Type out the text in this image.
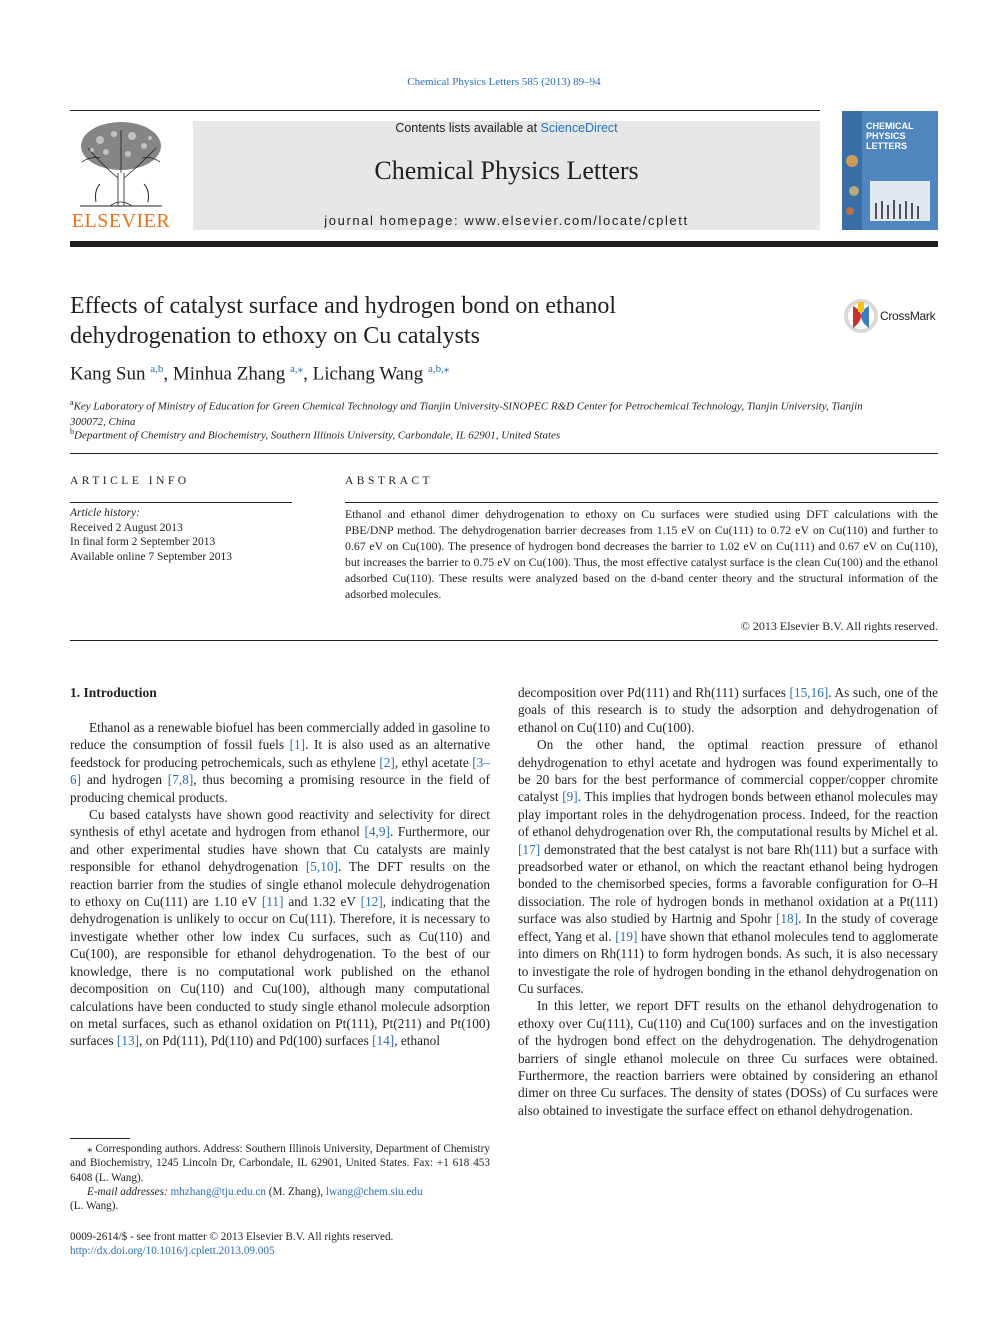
Chemical Physics Letters 585 (2013) 89–94
ELSEVIER
Contents lists available at ScienceDirect
Chemical Physics Letters
journal homepage: www.elsevier.com/locate/cplett
CHEMICAL
PHYSICS
LETTERS
Effects of catalyst surface and hydrogen bond on ethanol
dehydrogenation to ethoxy on Cu catalysts
CrossMark
Kang Sun $^{a,b}$, Minhua Zhang $^{a,⁎}$, Lichang Wang $^{a,b,⁎}$
$^a$Key Laboratory of Ministry of Education for Green Chemical Technology and Tianjin University-SINOPEC R&D Center for Petrochemical Technology, Tianjin University, Tianjin 300072, China
$^b$Department of Chemistry and Biochemistry, Southern Illinois University, Carbondale, IL 62901, United States
ARTICLE INFO
Article history:
Received 2 August 2013
In final form 2 September 2013
Available online 7 September 2013
ABSTRACT
Ethanol and ethanol dimer dehydrogenation to ethoxy on Cu surfaces were studied using DFT calculations with the PBE/DNP method. The dehydrogenation barrier decreases from 1.15 eV on Cu(111) to 0.72 eV on Cu(110) and further to 0.67 eV on Cu(100). The presence of hydrogen bond decreases the barrier to 1.02 eV on Cu(111) and 0.67 eV on Cu(110), but increases the barrier to 0.75 eV on Cu(100). Thus, the most effective catalyst surface is the clean Cu(100) and the ethanol adsorbed Cu(110). These results were analyzed based on the d-band center theory and the structural information of the adsorbed molecules.
© 2013 Elsevier B.V. All rights reserved.
1. Introduction

Ethanol as a renewable biofuel has been commercially added in gasoline to reduce the consumption of fossil fuels [1]. It is also used as an alternative feedstock for producing petrochemicals, such as ethylene [2], ethyl acetate [3–6] and hydrogen [7,8], thus becoming a promising resource in the field of producing chemical products.

Cu based catalysts have shown good reactivity and selectivity for direct synthesis of ethyl acetate and hydrogen from ethanol [4,9]. Furthermore, our and other experimental studies have shown that Cu catalysts are mainly responsible for ethanol dehydrogenation [5,10]. The DFT results on the reaction barrier from the studies of single ethanol molecule dehydrogenation to ethoxy on Cu(111) are 1.10 eV [11] and 1.32 eV [12], indicating that the dehydrogenation is unlikely to occur on Cu(111). Therefore, it is necessary to investigate whether other low index Cu surfaces, such as Cu(110) and Cu(100), are responsible for ethanol dehydrogenation. To the best of our knowledge, there is no computational work published on the ethanol decomposition on Cu(110) and Cu(100), although many computational calculations have been conducted to study single ethanol molecule adsorption on metal surfaces, such as ethanol oxidation on Pt(111), Pt(211) and Pt(100) surfaces [13], on Pd(111), Pd(110) and Pd(100) surfaces [14], ethanol

decomposition over Pd(111) and Rh(111) surfaces [15,16]. As such, one of the goals of this research is to study the adsorption and dehydrogenation of ethanol on Cu(110) and Cu(100).

On the other hand, the optimal reaction pressure of ethanol dehydrogenation to ethyl acetate and hydrogen was found experimentally to be 20 bars for the best performance of commercial copper/copper chromite catalyst [9]. This implies that hydrogen bonds between ethanol molecules may play important roles in the dehydrogenation process. Indeed, for the reaction of ethanol dehydrogenation over Rh, the computational results by Michel et al. [17] demonstrated that the best catalyst is not bare Rh(111) but a surface with preadsorbed water or ethanol, on which the reactant ethanol being hydrogen bonded to the chemisorbed species, forms a favorable configuration for O–H dissociation. The role of hydrogen bonds in methanol oxidation at a Pt(111) surface was also studied by Hartnig and Spohr [18]. In the study of coverage effect, Yang et al. [19] have shown that ethanol molecules tend to agglomerate into dimers on Rh(111) to form hydrogen bonds. As such, it is also necessary to investigate the role of hydrogen bonding in the ethanol dehydrogenation on Cu surfaces.

In this letter, we report DFT results on the ethanol dehydrogenation to ethoxy over Cu(111), Cu(110) and Cu(100) surfaces and on the investigation of the hydrogen bond effect on the dehydrogenation. The dehydrogenation barriers of single ethanol molecule on three Cu surfaces were obtained. Furthermore, the reaction barriers were obtained by considering an ethanol dimer on three Cu surfaces. The density of states (DOSs) of Cu surfaces were also obtained to investigate the surface effect on ethanol dehydrogenation.

⁎ Corresponding authors. Address: Southern Illinois University, Department of Chemistry and Biochemistry, 1245 Lincoln Dr, Carbondale, IL 62901, United States. Fax: +1 618 453 6408 (L. Wang).
E-mail addresses: mhzhang@tju.edu.cn (M. Zhang), lwang@chem.siu.edu
(L. Wang).
0009-2614/$ - see front matter © 2013 Elsevier B.V. All rights reserved.
http://dx.doi.org/10.1016/j.cplett.2013.09.005
